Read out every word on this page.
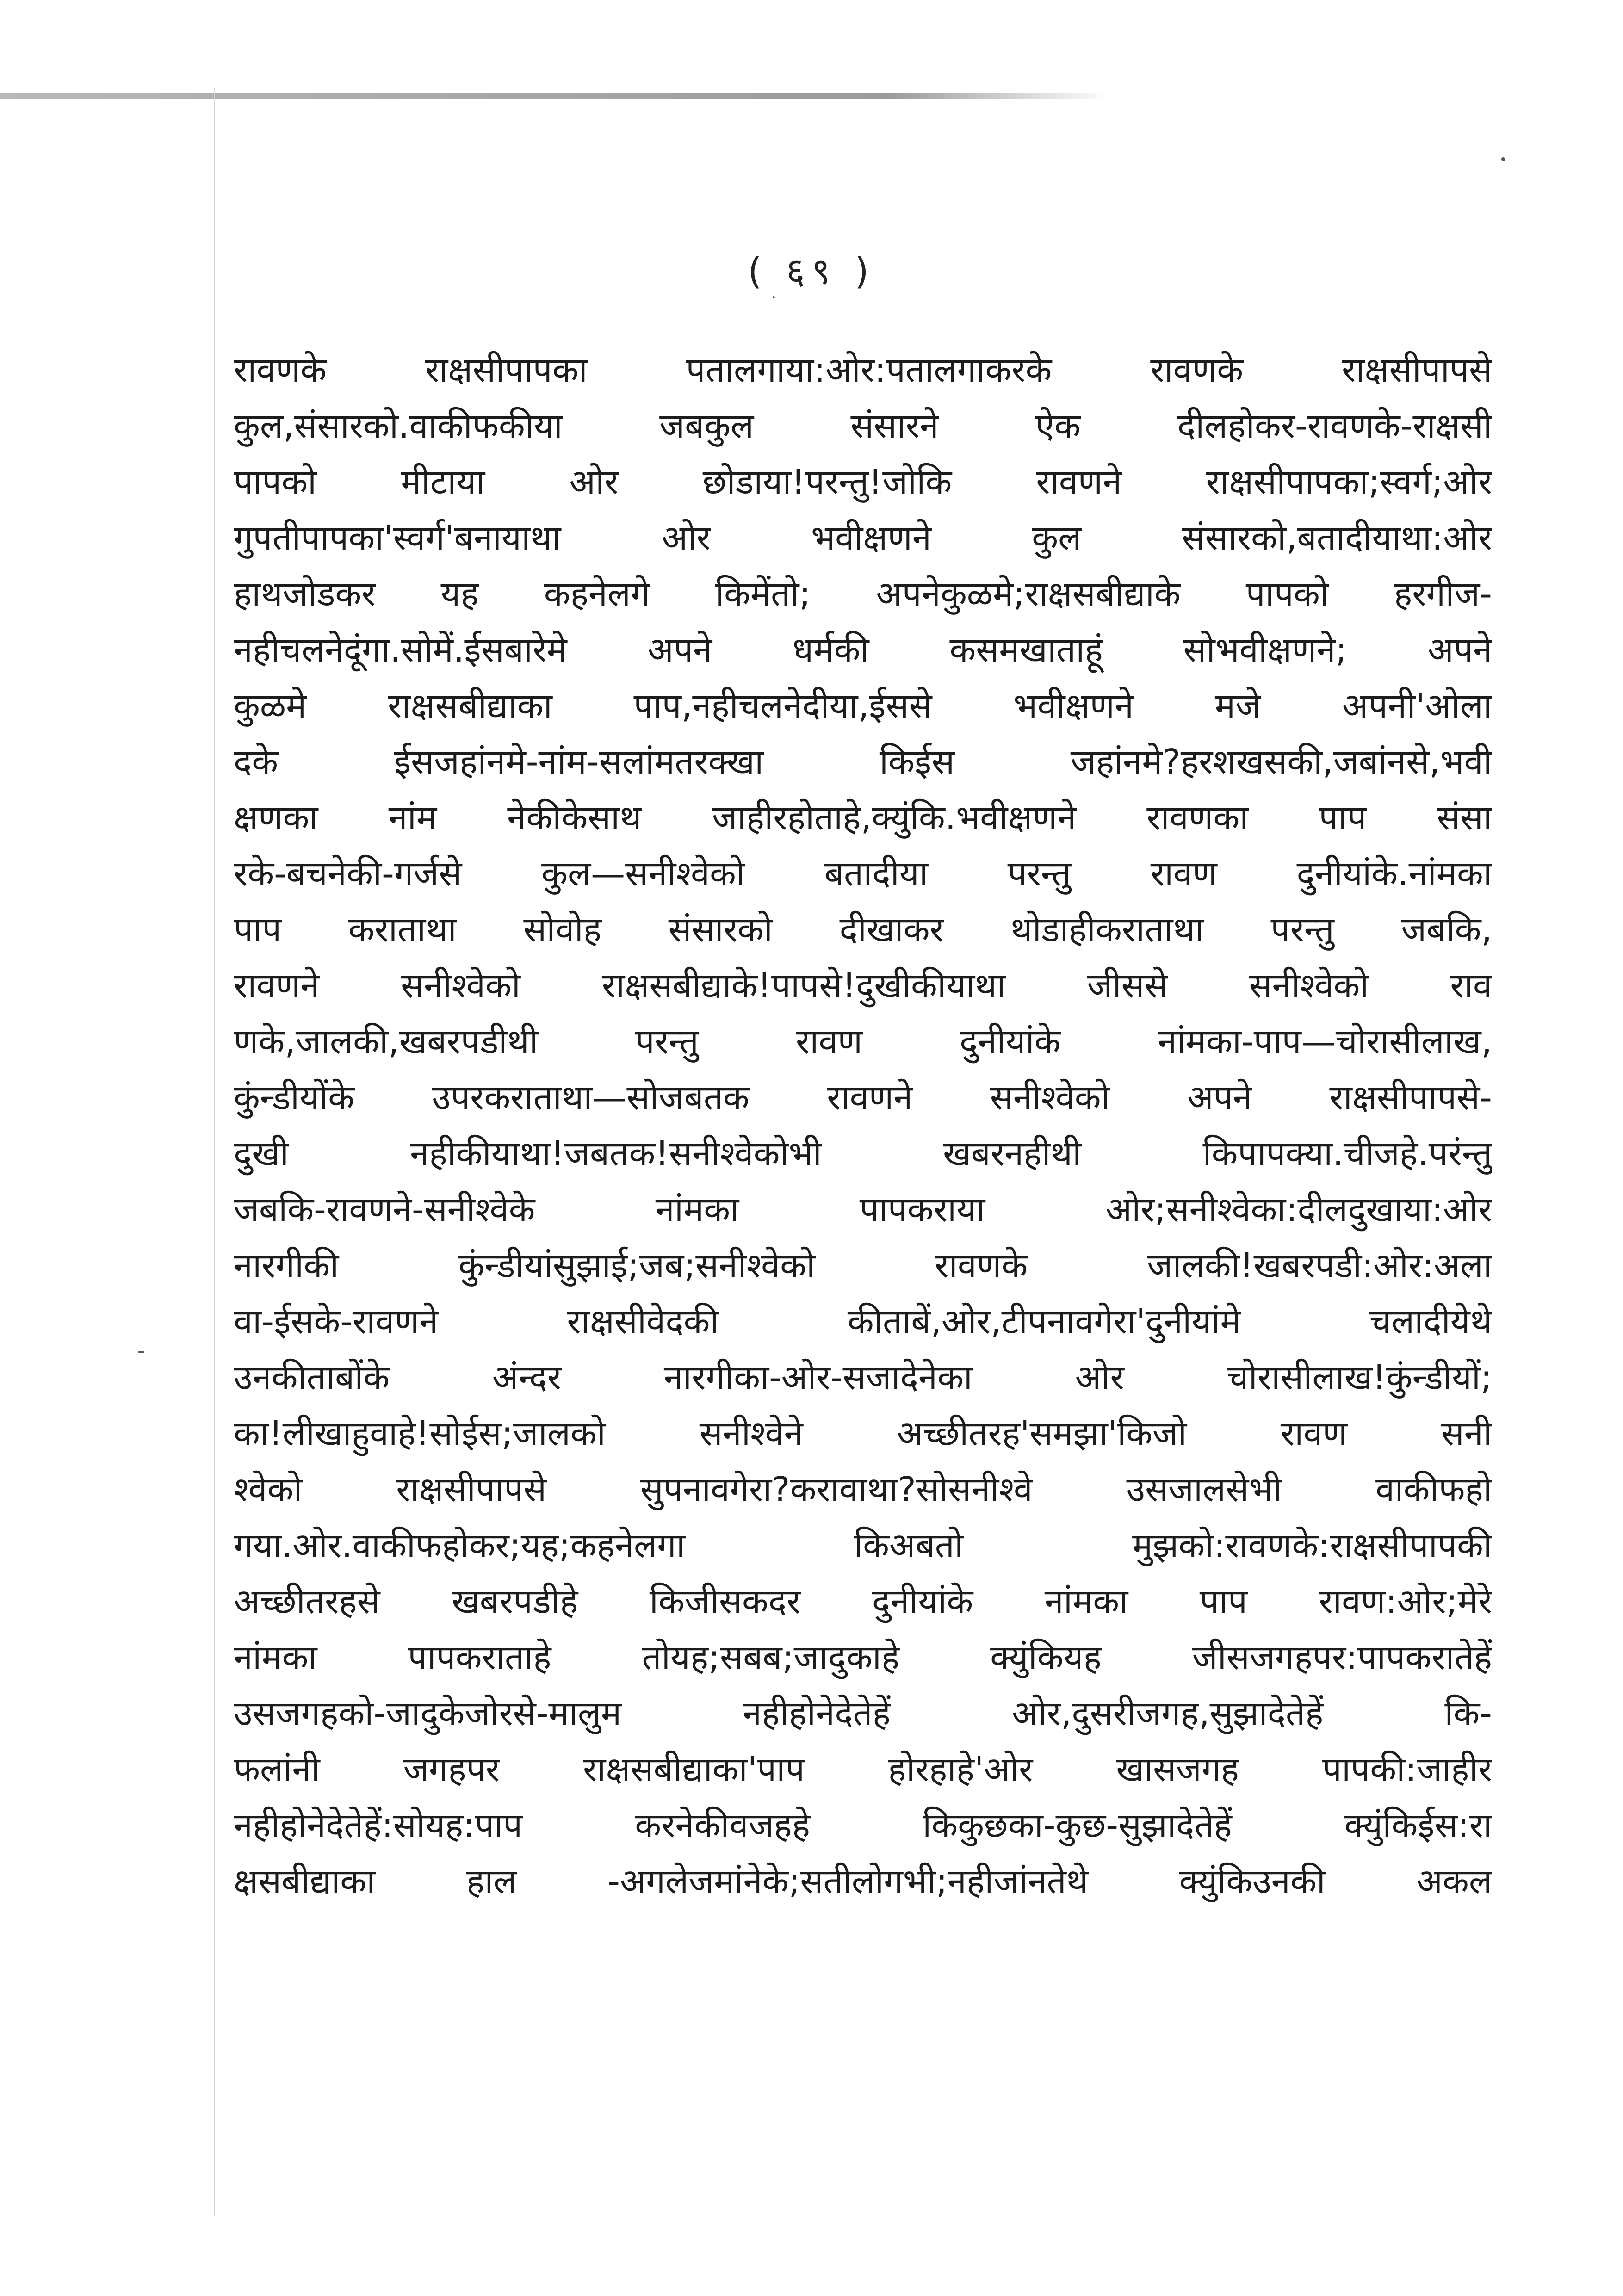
( ६९ )
रावणके राक्षसीपापका पतालगाया:ओर:पतालगाकरके रावणके राक्षसीपापसे
कुल,संसारको.वाकीफकीया जबकुल संसारने ऐक दीलहोकर-रावणके-राक्षसी
पापको मीटाया ओर छोडाया!परन्तु!जोकि रावणने राक्षसीपापका;स्वर्ग;ओर
गुपतीपापका'स्वर्ग'बनायाथा ओर भवीक्षणने कुल संसारको,बतादीयाथा:ओर
हाथजोडकर यह कहनेलगे किमेंतो; अपनेकुळमे;राक्षसबीद्याके पापको हरगीज-
नहीचलनेदूंगा.सोमें.ईसबारेमे अपने धर्मकी कसमखाताहूं सोभवीक्षणने; अपने
कुळमे राक्षसबीद्याका पाप,नहीचलनेदीया,ईससे भवीक्षणने मजे अपनी'ओला
दके ईसजहांनमे-नांम-सलांमतरक्खा किईस जहांनमे?हरशखसकी,जबांनसे,भवी
क्षणका नांम नेकीकेसाथ जाहीरहोताहे,क्युंकि.भवीक्षणने रावणका पाप संसा
रके-बचनेकी-गर्जसे कुल—सनीश्वेको बतादीया परन्तु रावण दुनीयांके.नांमका
पाप कराताथा सोवोह संसारको दीखाकर थोडाहीकराताथा परन्तु जबकि,
रावणने सनीश्वेको राक्षसबीद्याके!पापसे!दुखीकीयाथा जीससे सनीश्वेको राव
णके,जालकी,खबरपडीथी परन्तु रावण दुनीयांके नांमका-पाप—चोरासीलाख,
कुंन्डीयोंके उपरकराताथा—सोजबतक रावणने सनीश्वेको अपने राक्षसीपापसे-
दुखी नहीकीयाथा!जबतक!सनीश्वेकोभी खबरनहीथी किपापक्या.चीजहे.परंन्तु
जबकि-रावणने-सनीश्वेके नांमका पापकराया ओर;सनीश्वेका:दीलदुखाया:ओर
नारगीकी कुंन्डीयांसुझाई;जब;सनीश्वेको रावणके जालकी!खबरपडी:ओर:अला
वा-ईसके-रावणने राक्षसीवेदकी कीताबें,ओर,टीपनावगेरा'दुनीयांमे चलादीयेथे
उनकीताबोंके अंन्दर नारगीका-ओर-सजादेनेका ओर चोरासीलाख!कुंन्डीयों;
का!लीखाहुवाहे!सोईस;जालको सनीश्वेने अच्छीतरह'समझा'किजो रावण सनी
श्वेको राक्षसीपापसे सुपनावगेरा?करावाथा?सोसनीश्वे उसजालसेभी वाकीफहो
गया.ओर.वाकीफहोकर;यह;कहनेलगा किअबतो मुझको:रावणके:राक्षसीपापकी
अच्छीतरहसे खबरपडीहे किजीसकदर दुनीयांके नांमका पाप रावण:ओर;मेरे
नांमका पापकराताहे तोयह;सबब;जादुकाहे क्युंकियह जीसजगहपर:पापकरातेहें
उसजगहको-जादुकेजोरसे-मालुम नहीहोनेदेतेहें ओर,दुसरीजगह,सुझादेतेहें कि-
फलांनी जगहपर राक्षसबीद्याका'पाप होरहाहे'ओर खासजगह पापकी:जाहीर
नहीहोनेदेतेहें:सोयह:पाप करनेकीवजहहे किकुछका-कुछ-सुझादेतेहें क्युंकिईस:रा
क्षसबीद्याका हाल -अगलेजमांनेके;सतीलोगभी;नहीजांनतेथे क्युंकिउनकी अकल
